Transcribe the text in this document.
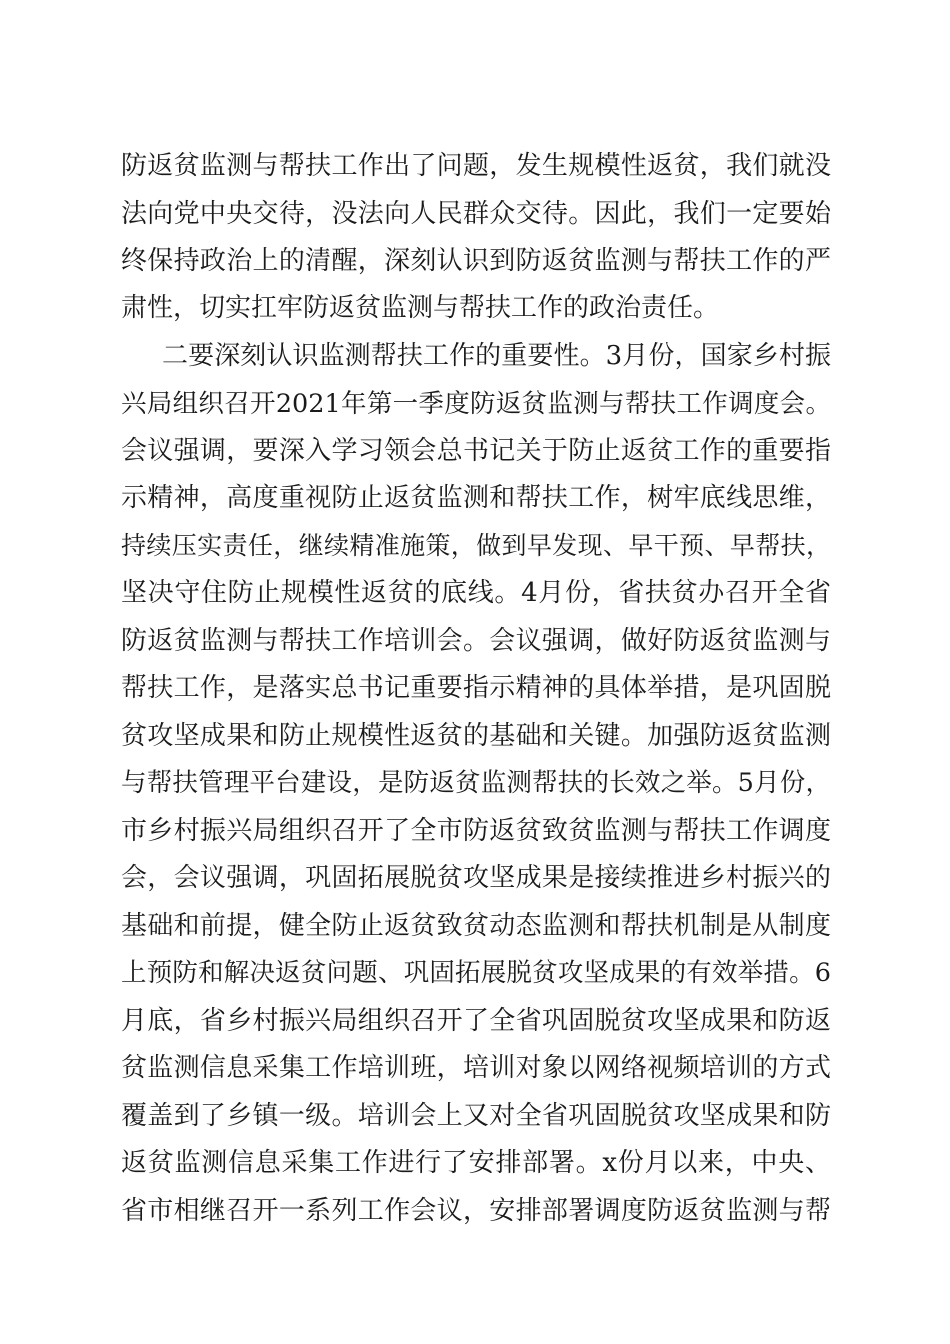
防返贫监测与帮扶工作出了问题，发生规模性返贫，我们就没
法向党中央交待，没法向人民群众交待。因此，我们一定要始
终保持政治上的清醒，深刻认识到防返贫监测与帮扶工作的严
肃性，切实扛牢防返贫监测与帮扶工作的政治责任。
二要深刻认识监测帮扶工作的重要性。3月份，国家乡村振
兴局组织召开2021年第一季度防返贫监测与帮扶工作调度会。
会议强调，要深入学习领会总书记关于防止返贫工作的重要指
示精神，高度重视防止返贫监测和帮扶工作，树牢底线思维，
持续压实责任，继续精准施策，做到早发现、早干预、早帮扶，
坚决守住防止规模性返贫的底线。4月份，省扶贫办召开全省
防返贫监测与帮扶工作培训会。会议强调，做好防返贫监测与
帮扶工作，是落实总书记重要指示精神的具体举措，是巩固脱
贫攻坚成果和防止规模性返贫的基础和关键。加强防返贫监测
与帮扶管理平台建设，是防返贫监测帮扶的长效之举。5月份，
市乡村振兴局组织召开了全市防返贫致贫监测与帮扶工作调度
会，会议强调，巩固拓展脱贫攻坚成果是接续推进乡村振兴的
基础和前提，健全防止返贫致贫动态监测和帮扶机制是从制度
上预防和解决返贫问题、巩固拓展脱贫攻坚成果的有效举措。6
月底，省乡村振兴局组织召开了全省巩固脱贫攻坚成果和防返
贫监测信息采集工作培训班，培训对象以网络视频培训的方式
覆盖到了乡镇一级。培训会上又对全省巩固脱贫攻坚成果和防
返贫监测信息采集工作进行了安排部署。x份月以来，中央、
省市相继召开一系列工作会议，安排部署调度防返贫监测与帮
